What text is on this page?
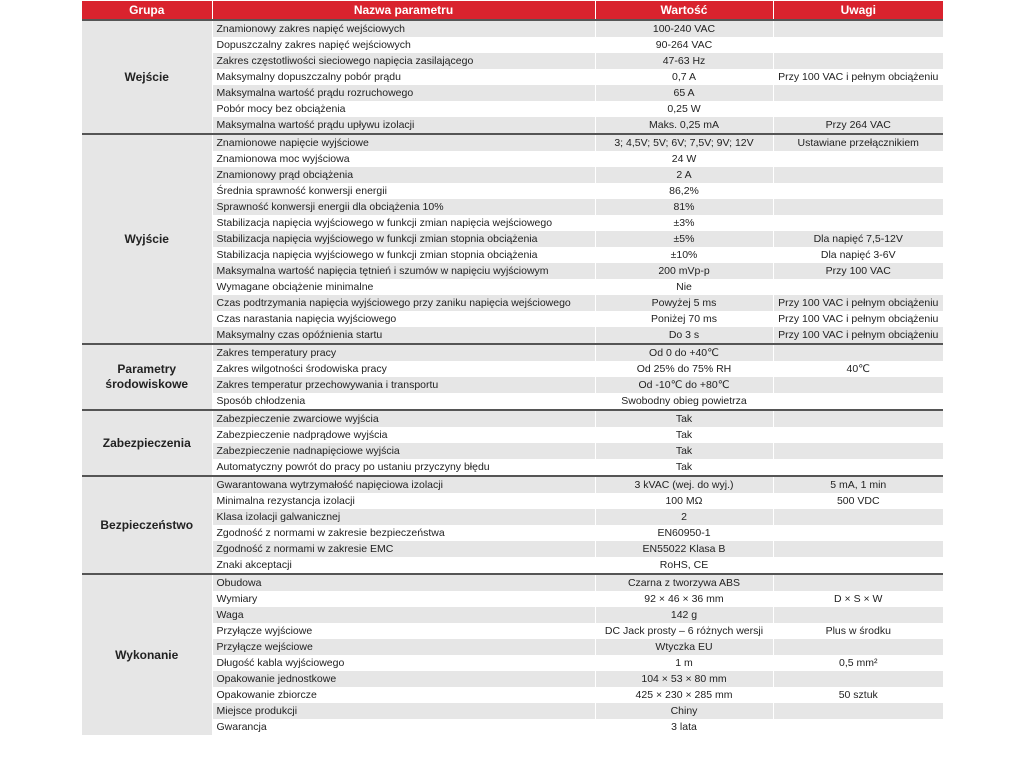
Grupa	Nazwa parametru	Wartość	Uwagi
Wejście	Znamionowy zakres napięć wejściowych	100-240 VAC	
	Dopuszczalny zakres napięć wejściowych	90-264 VAC	
	Zakres częstotliwości sieciowego napięcia zasilającego	47-63 Hz	
	Maksymalny dopuszczalny pobór prądu	0,7 A	Przy 100 VAC i pełnym obciążeniu
	Maksymalna wartość prądu rozruchowego	65 A	
	Pobór mocy bez obciążenia	0,25 W	
	Maksymalna wartość prądu upływu izolacji	Maks. 0,25 mA	Przy 264 VAC
Wyjście	Znamionowe napięcie wyjściowe	3; 4,5V; 5V; 6V; 7,5V; 9V; 12V	Ustawiane przełącznikiem
	Znamionowa moc wyjściowa	24 W	
	Znamionowy prąd obciążenia	2 A	
	Średnia sprawność konwersji energii	86,2%	
	Sprawność konwersji energii dla obciążenia 10%	81%	
	Stabilizacja napięcia wyjściowego w funkcji zmian napięcia wejściowego	±3%	
	Stabilizacja napięcia wyjściowego w funkcji zmian stopnia obciążenia	±5%	Dla napięć 7,5-12V
	Stabilizacja napięcia wyjściowego w funkcji zmian stopnia obciążenia	±10%	Dla napięć 3-6V
	Maksymalna wartość napięcia tętnień i szumów w napięciu wyjściowym	200 mVp-p	Przy 100 VAC
	Wymagane obciążenie minimalne	Nie	
	Czas podtrzymania napięcia wyjściowego przy zaniku napięcia wejściowego	Powyżej 5 ms	Przy 100 VAC i pełnym obciążeniu
	Czas narastania napięcia wyjściowego	Poniżej 70 ms	Przy 100 VAC i pełnym obciążeniu
	Maksymalny czas opóźnienia startu	Do 3 s	Przy 100 VAC i pełnym obciążeniu
Parametry środowiskowe	Zakres temperatury pracy	Od 0 do +40℃	
	Zakres wilgotności środowiska pracy	Od 25% do 75% RH	40℃
	Zakres temperatur przechowywania i transportu	Od -10℃ do +80℃	
	Sposób chłodzenia	Swobodny obieg powietrza	
Zabezpieczenia	Zabezpieczenie zwarciowe wyjścia	Tak	
	Zabezpieczenie nadprądowe wyjścia	Tak	
	Zabezpieczenie nadnapięciowe wyjścia	Tak	
	Automatyczny powrót do pracy po ustaniu przyczyny błędu	Tak	
Bezpieczeństwo	Gwarantowana wytrzymałość napięciowa izolacji	3 kVAC (wej. do wyj.)	5 mA, 1 min
	Minimalna rezystancja izolacji	100 MΩ	500 VDC
	Klasa izolacji galwanicznej	2	
	Zgodność z normami w zakresie bezpieczeństwa	EN60950-1	
	Zgodność z normami w zakresie EMC	EN55022 Klasa B	
	Znaki akceptacji	RoHS, CE	
Wykonanie	Obudowa	Czarna z tworzywa ABS	
	Wymiary	92 × 46 × 36 mm	D × S × W
	Waga	142 g	
	Przyłącze wyjściowe	DC Jack prosty – 6 różnych wersji	Plus w środku
	Przyłącze wejściowe	Wtyczka EU	
	Długość kabla wyjściowego	1 m	0,5 mm²
	Opakowanie jednostkowe	104 × 53 × 80 mm	
	Opakowanie zbiorcze	425 × 230 × 285 mm	50 sztuk
	Miejsce produkcji	Chiny	
	Gwarancja	3 lata	
